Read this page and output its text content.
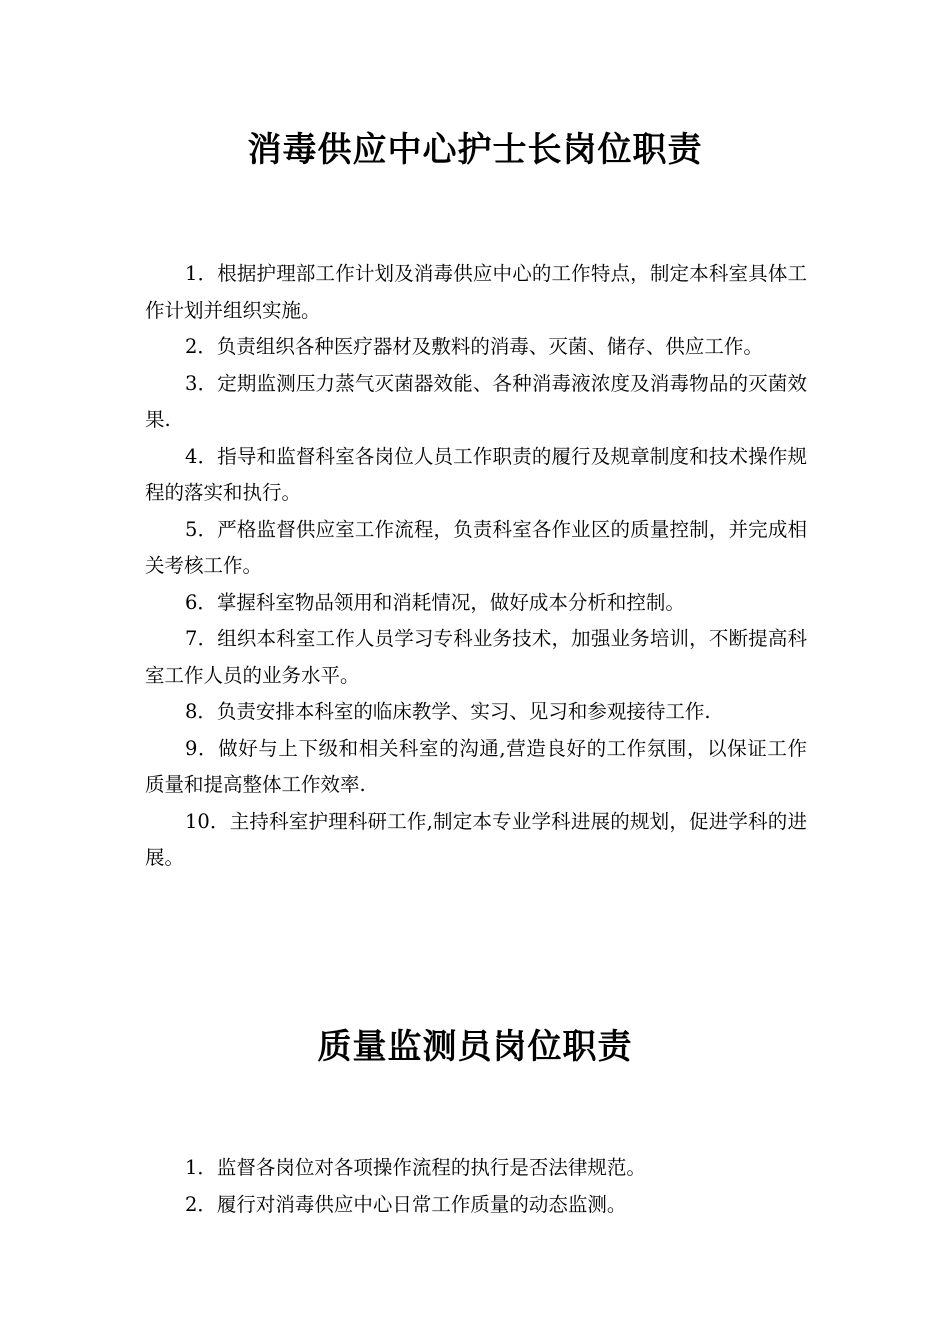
消毒供应中心护士长岗位职责

1．根据护理部工作计划及消毒供应中心的工作特点，制定本科室具体工作计划并组织实施。

2．负责组织各种医疗器材及敷料的消毒、灭菌、储存、供应工作。

3．定期监测压力蒸气灭菌器效能、各种消毒液浓度及消毒物品的灭菌效果.

4．指导和监督科室各岗位人员工作职责的履行及规章制度和技术操作规程的落实和执行。

5．严格监督供应室工作流程，负责科室各作业区的质量控制，并完成相关考核工作。

6．掌握科室物品领用和消耗情况，做好成本分析和控制。

7．组织本科室工作人员学习专科业务技术，加强业务培训，不断提高科室工作人员的业务水平。

8．负责安排本科室的临床教学、实习、见习和参观接待工作.

9．做好与上下级和相关科室的沟通,营造良好的工作氛围，以保证工作质量和提高整体工作效率.

10．主持科室护理科研工作,制定本专业学科进展的规划，促进学科的进展。

质量监测员岗位职责

1．监督各岗位对各项操作流程的执行是否法律规范。

2．履行对消毒供应中心日常工作质量的动态监测。
